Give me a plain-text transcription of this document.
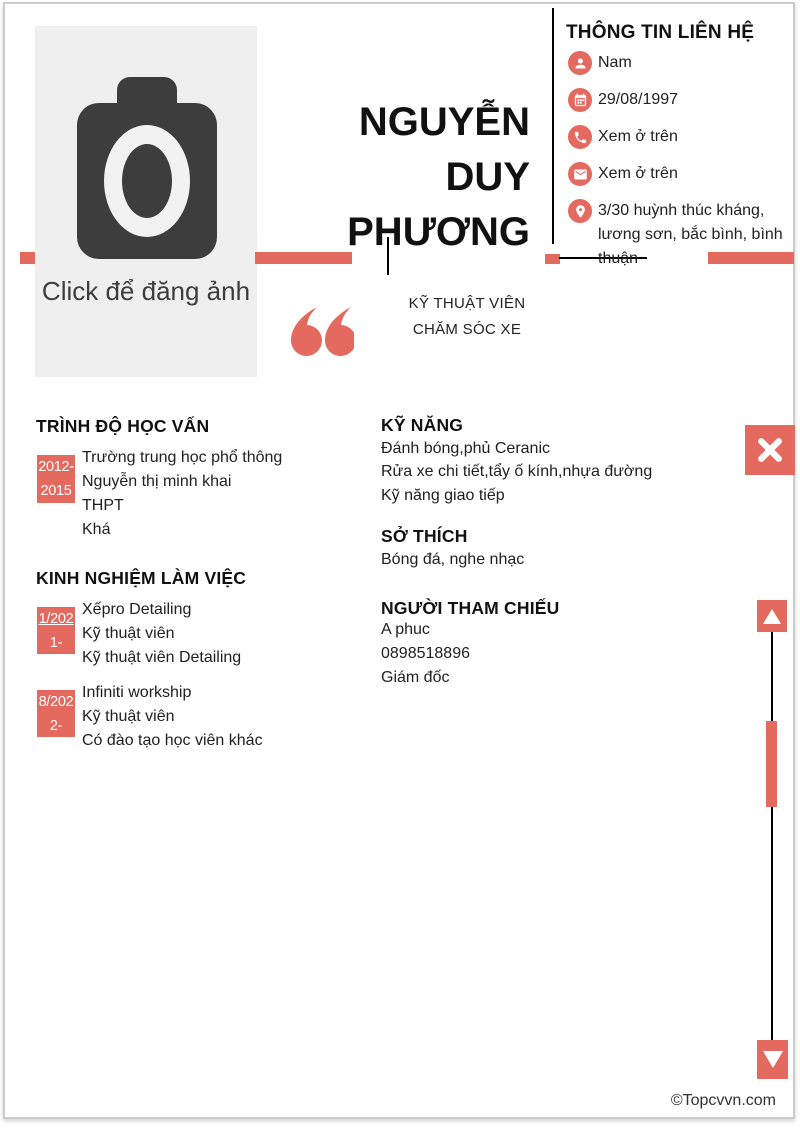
Click để đăng ảnh
NGUYỄN
DUY
PHƯƠNG
KỸ THUẬT VIÊN
CHĂM SÓC XE
THÔNG TIN LIÊN HỆ
Nam
29/08/1997
Xem ở trên
Xem ở trên
3/30 huỳnh thúc kháng, lương sơn, bắc bình, bình thuận
TRÌNH ĐỘ HỌC VẤN
2012-
2015
Trường trung học phổ thông
Nguyễn thị minh khai
THPT
Khá
KINH NGHIỆM LÀM VIỆC
1/202
1-
Xếpro Detailing
Kỹ thuật viên
Kỹ thuật viên Detailing
8/202
2-
Infiniti workship
Kỹ thuật viên
Có đào tạo học viên khác
KỸ NĂNG
Đánh bóng,phủ Ceranic
Rửa xe chi tiết,tẩy ố kính,nhựa đường
Kỹ năng giao tiếp
SỞ THÍCH
Bóng đá, nghe nhạc
NGƯỜI THAM CHIẾU
A phuc
0898518896
Giám đốc
©Topcvvn.com
